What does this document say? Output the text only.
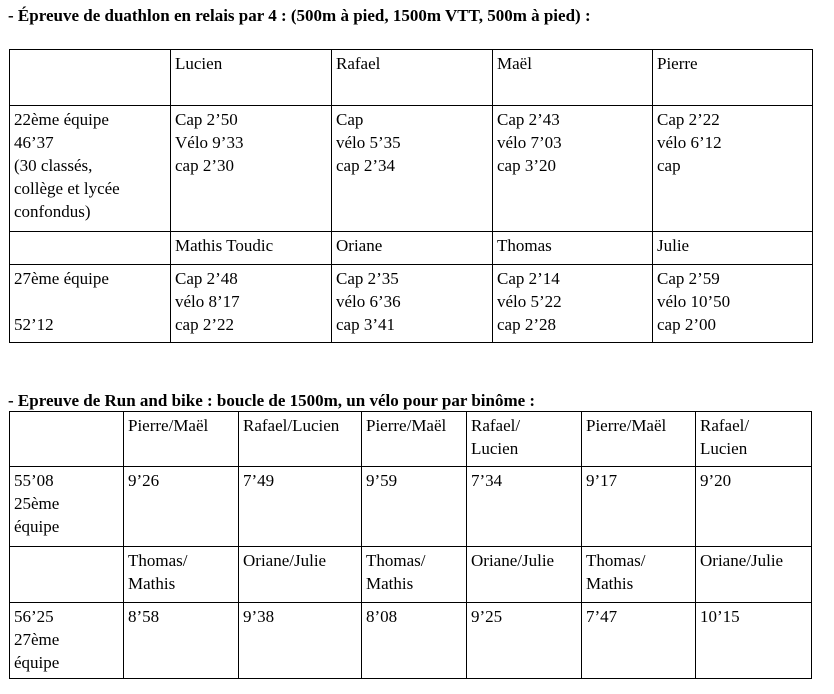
- Épreuve de duathlon en relais par 4 : (500m à pied, 1500m VTT, 500m à pied) :

	Lucien	Rafael	Maël	Pierre

22ème équipe
46’37
(30 classés,
collège et lycée
confondus)	Cap 2’50
Vélo 9’33
cap 2’30	Cap
vélo 5’35
cap 2’34	Cap 2’43
vélo 7’03
cap 3’20	Cap 2’22
vélo 6’12
cap

	Mathis Toudic	Oriane	Thomas	Julie

27ème équipe

52’12	Cap 2’48
vélo 8’17
cap 2’22	Cap 2’35
vélo 6’36
cap 3’41	Cap 2’14
vélo 5’22
cap 2’28	Cap 2’59
vélo 10’50
cap 2’00
- Epreuve de Run and bike : boucle de 1500m, un vélo pour par binôme :

	Pierre/Maël	Rafael/Lucien	Pierre/Maël	Rafael/
Lucien	Pierre/Maël	Rafael/
Lucien

55’08
25ème
équipe	9’26	7’49	9’59	7’34	9’17	9’20

	Thomas/
Mathis	Oriane/Julie	Thomas/
Mathis	Oriane/Julie	Thomas/
Mathis	Oriane/Julie

56’25
27ème
équipe	8’58	9’38	8’08	9’25	7’47	10’15
